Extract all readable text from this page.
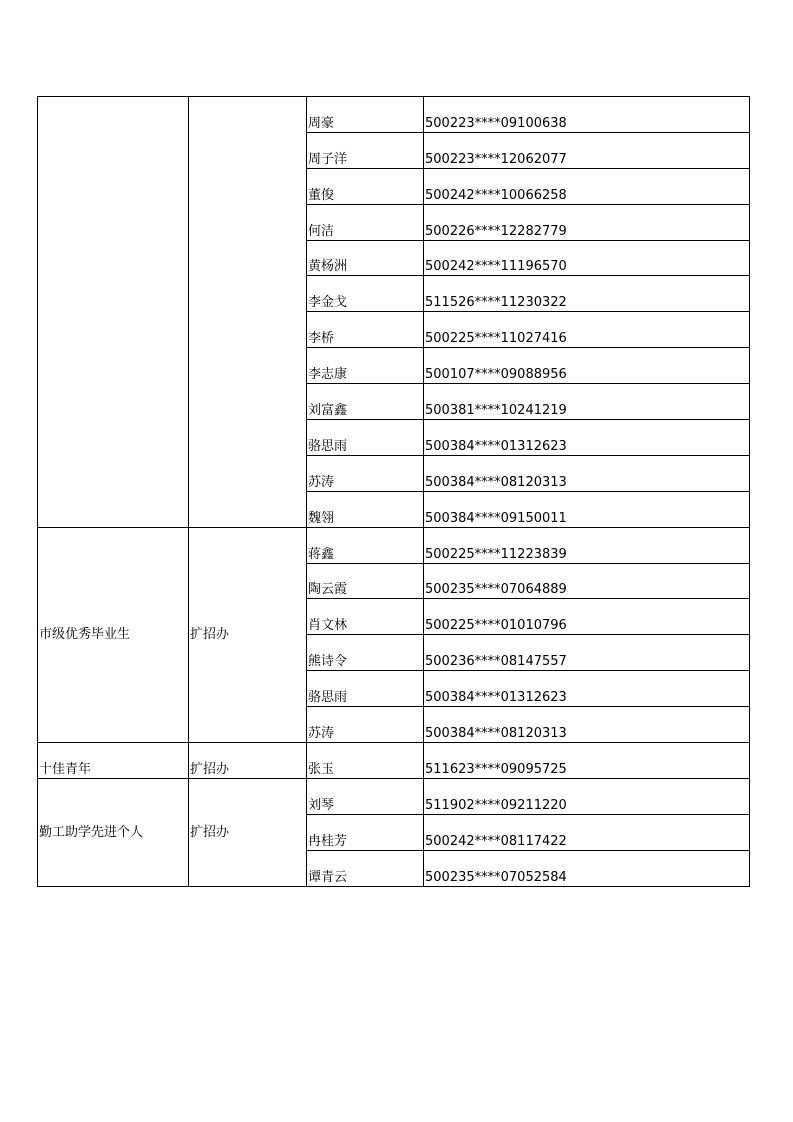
		周豪	500223****09100638
		周子洋	500223****12062077
		董俊	500242****10066258
		何洁	500226****12282779
		黄杨洲	500242****11196570
		李金戈	511526****11230322
		李桥	500225****11027416
		李志康	500107****09088956
		刘富鑫	500381****10241219
		骆思雨	500384****01312623
		苏涛	500384****08120313
		魏翎	500384****09150011
市级优秀毕业生	扩招办	蒋鑫	500225****11223839
		陶云霞	500235****07064889
		肖文林	500225****01010796
		熊诗令	500236****08147557
		骆思雨	500384****01312623
		苏涛	500384****08120313
十佳青年	扩招办	张玉	511623****09095725
勤工助学先进个人	扩招办	刘琴	511902****09211220
		冉桂芳	500242****08117422
		谭青云	500235****07052584
